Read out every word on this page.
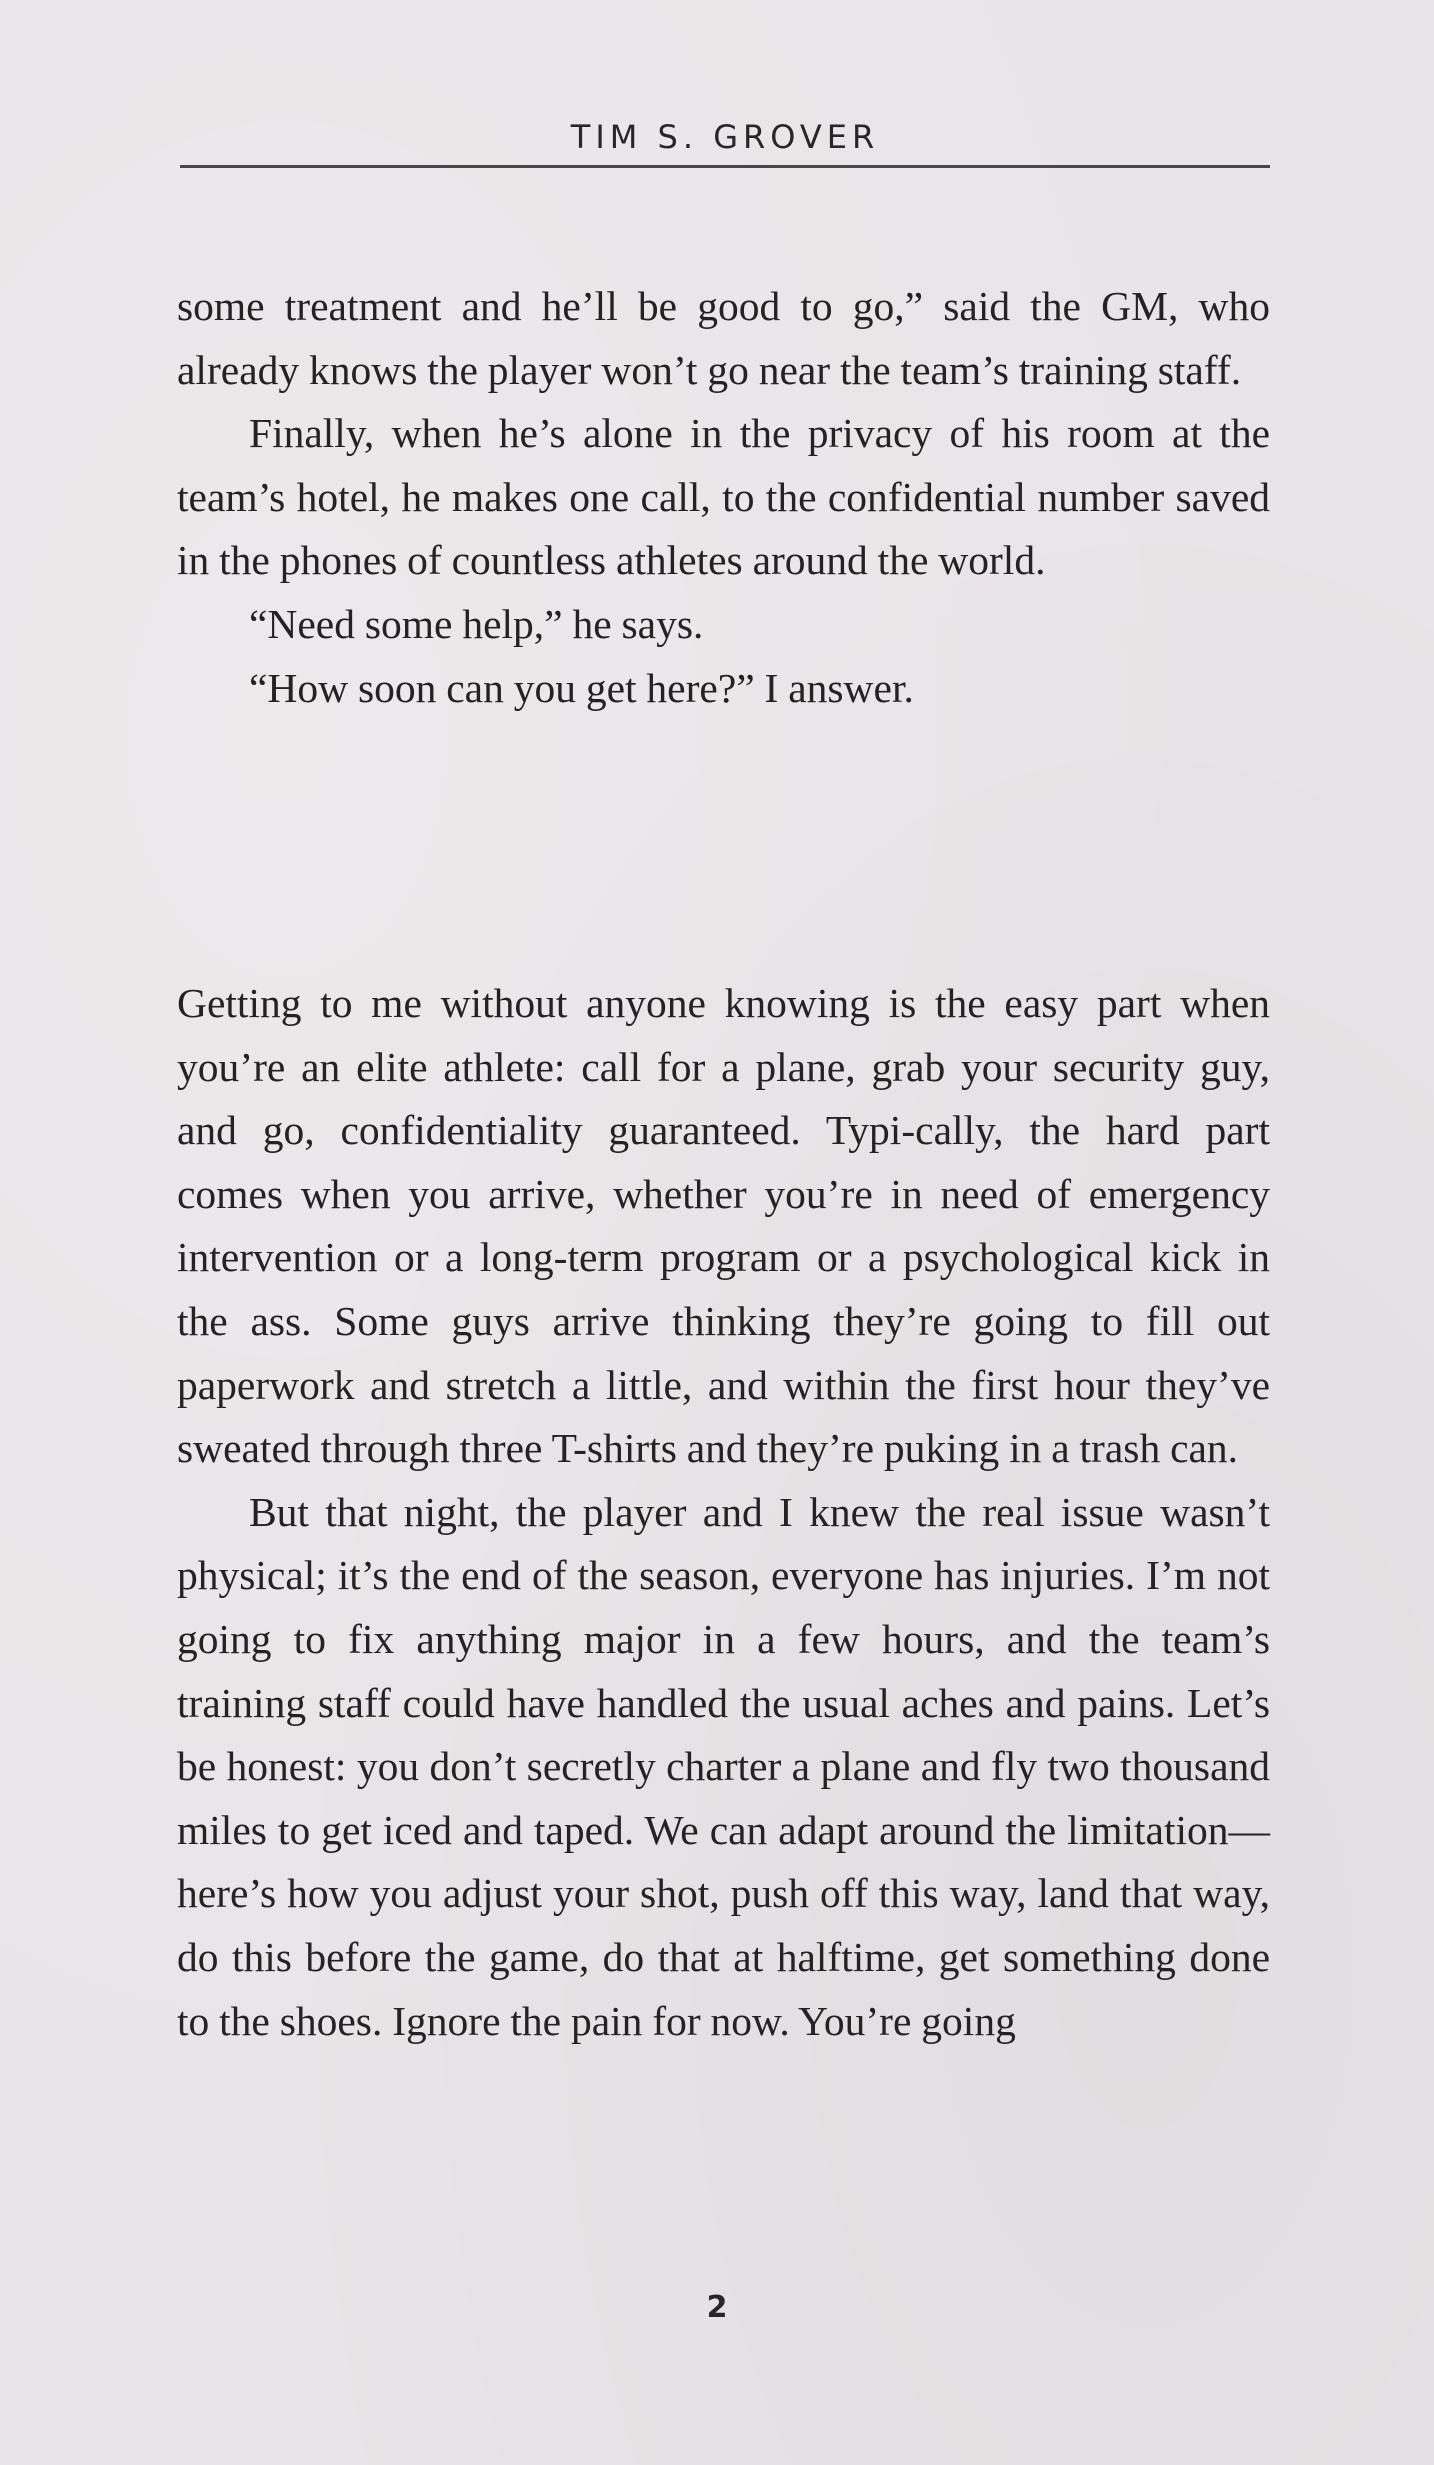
TIM S. GROVER

some treatment and he’ll be good to go,” said the GM, who already knows the player won’t go near the team’s training staff.

Finally, when he’s alone in the privacy of his room at the team’s hotel, he makes one call, to the confidential number saved in the phones of countless athletes around the world.

“Need some help,” he says.

“How soon can you get here?” I answer.

Getting to me without anyone knowing is the easy part when you’re an elite athlete: call for a plane, grab your security guy, and go, confidentiality guaranteed. Typi-cally, the hard part comes when you arrive, whether you’re in need of emergency intervention or a long-term program or a psychological kick in the ass. Some guys arrive thinking they’re going to fill out paperwork and stretch a little, and within the first hour they’ve sweated through three T-shirts and they’re puking in a trash can.

But that night, the player and I knew the real issue wasn’t physical; it’s the end of the season, everyone has injuries. I’m not going to fix anything major in a few hours, and the team’s training staff could have handled the usual aches and pains. Let’s be honest: you don’t secretly charter a plane and fly two thousand miles to get iced and taped. We can adapt around the limitation—here’s how you adjust your shot, push off this way, land that way, do this before the game, do that at halftime, get something done to the shoes. Ignore the pain for now. You’re going

2
